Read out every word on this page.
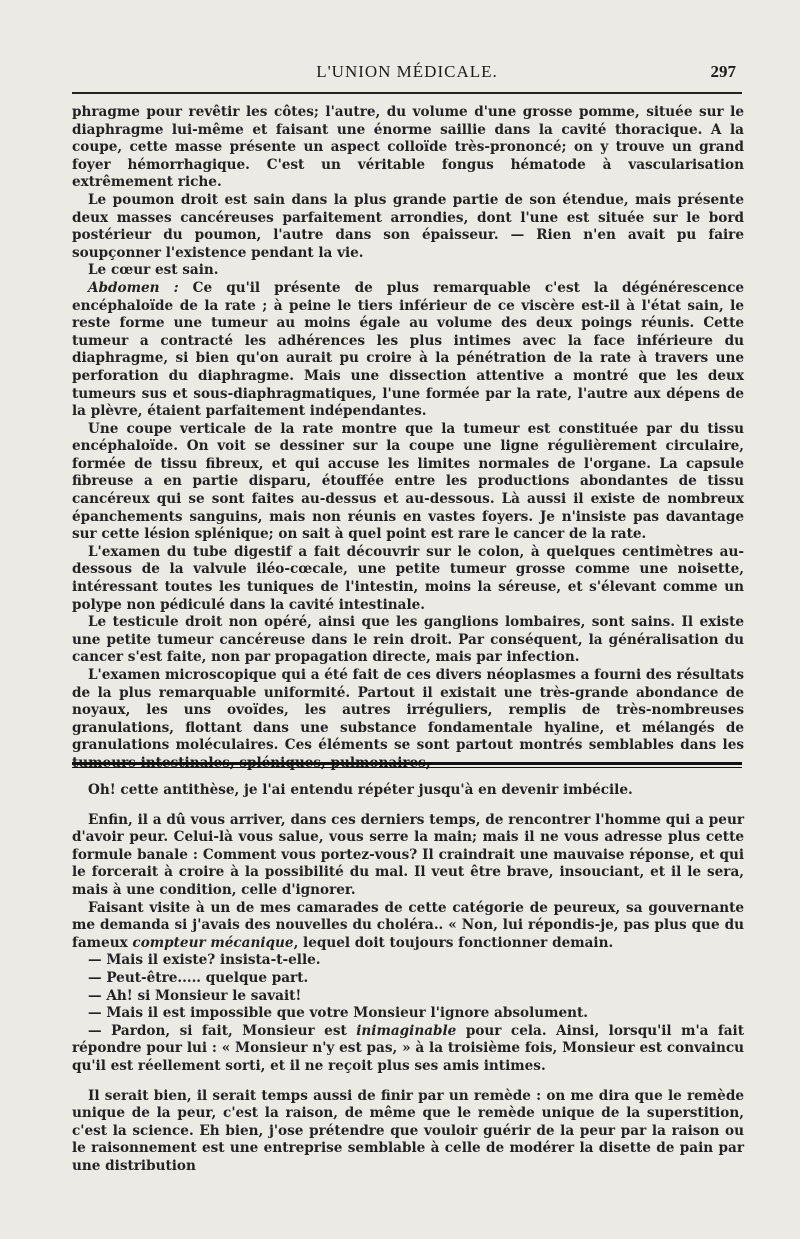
L'UNION MÉDICALE.	297

phragme pour revêtir les côtes; l'autre, du volume d'une grosse pomme, située sur le diaphragme lui-même et faisant une énorme saillie dans la cavité thoracique. A la coupe, cette masse présente un aspect colloïde très-prononcé; on y trouve un grand foyer hémorrhagique. C'est un véritable fongus hématode à vascularisation extrêmement riche.

Le poumon droit est sain dans la plus grande partie de son étendue, mais présente deux masses cancéreuses parfaitement arrondies, dont l'une est située sur le bord postérieur du poumon, l'autre dans son épaisseur. — Rien n'en avait pu faire soupçonner l'existence pendant la vie.

Le cœur est sain.

Abdomen : Ce qu'il présente de plus remarquable c'est la dégénérescence encéphaloïde de la rate ; à peine le tiers inférieur de ce viscère est-il à l'état sain, le reste forme une tumeur au moins égale au volume des deux poings réunis. Cette tumeur a contracté les adhérences les plus intimes avec la face inférieure du diaphragme, si bien qu'on aurait pu croire à la pénétration de la rate à travers une perforation du diaphragme. Mais une dissection attentive a montré que les deux tumeurs sus et sous-diaphragmatiques, l'une formée par la rate, l'autre aux dépens de la plèvre, étaient parfaitement indépendantes.

Une coupe verticale de la rate montre que la tumeur est constituée par du tissu encéphaloïde. On voit se dessiner sur la coupe une ligne régulièrement circulaire, formée de tissu fibreux, et qui accuse les limites normales de l'organe. La capsule fibreuse a en partie disparu, étouffée entre les productions abondantes de tissu cancéreux qui se sont faites au-dessus et au-dessous. Là aussi il existe de nombreux épanchements sanguins, mais non réunis en vastes foyers. Je n'insiste pas davantage sur cette lésion splénique; on sait à quel point est rare le cancer de la rate.

L'examen du tube digestif a fait découvrir sur le colon, à quelques centimètres au-dessous de la valvule iléo-cœcale, une petite tumeur grosse comme une noisette, intéressant toutes les tuniques de l'intestin, moins la séreuse, et s'élevant comme un polype non pédiculé dans la cavité intestinale.

Le testicule droit non opéré, ainsi que les ganglions lombaires, sont sains. Il existe une petite tumeur cancéreuse dans le rein droit. Par conséquent, la généralisation du cancer s'est faite, non par propagation directe, mais par infection.

L'examen microscopique qui a été fait de ces divers néoplasmes a fourni des résultats de la plus remarquable uniformité. Partout il existait une très-grande abondance de noyaux, les uns ovoïdes, les autres irréguliers, remplis de très-nombreuses granulations, flottant dans une substance fondamentale hyaline, et mélangés de granulations moléculaires. Ces éléments se sont partout montrés semblables dans les tumeurs intestinales, spléniques, pulmonaires,

Oh! cette antithèse, je l'ai entendu répéter jusqu'à en devenir imbécile.

Enfin, il a dû vous arriver, dans ces derniers temps, de rencontrer l'homme qui a peur d'avoir peur. Celui-là vous salue, vous serre la main; mais il ne vous adresse plus cette formule banale : Comment vous portez-vous? Il craindrait une mauvaise réponse, et qui le forcerait à croire à la possibilité du mal. Il veut être brave, insouciant, et il le sera, mais à une condition, celle d'ignorer.

Faisant visite à un de mes camarades de cette catégorie de peureux, sa gouvernante me demanda si j'avais des nouvelles du choléra.. « Non, lui répondis-je, pas plus que du fameux compteur mécanique, lequel doit toujours fonctionner demain.

— Mais il existe? insista-t-elle.

— Peut-être..... quelque part.

— Ah! si Monsieur le savait!

— Mais il est impossible que votre Monsieur l'ignore absolument.

— Pardon, si fait, Monsieur est inimaginable pour cela. Ainsi, lorsqu'il m'a fait répondre pour lui : « Monsieur n'y est pas, » à la troisième fois, Monsieur est convaincu qu'il est réellement sorti, et il ne reçoit plus ses amis intimes.

Il serait bien, il serait temps aussi de finir par un remède : on me dira que le remède unique de la peur, c'est la raison, de même que le remède unique de la superstition, c'est la science. Eh bien, j'ose prétendre que vouloir guérir de la peur par la raison ou le raisonnement est une entreprise semblable à celle de modérer la disette de pain par une distribution
